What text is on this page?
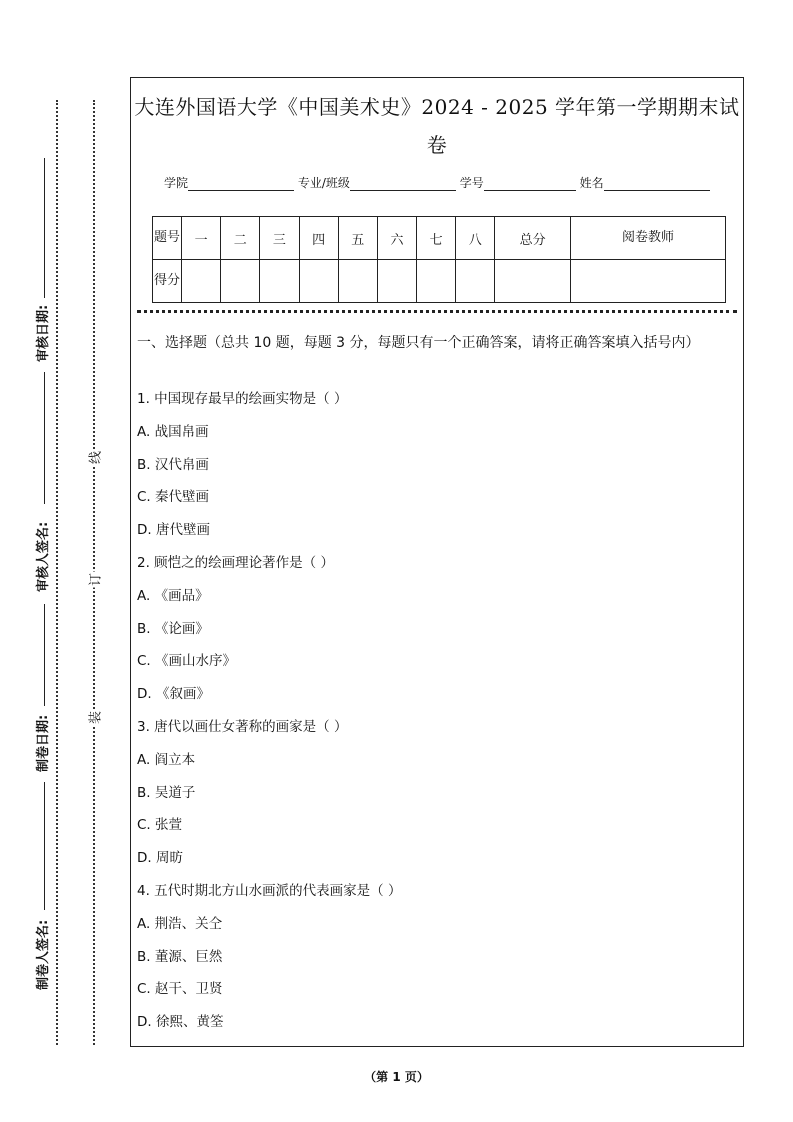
审核日期:
审核人签名:
制卷日期:
制卷人签名:
线
订
装
大连外国语大学《中国美术史》2024 - 2025 学年第一学期期末试
卷
学院	专业/班级	学号	姓名
题号	一	二	三	四	五	六	七	八	总分	阅卷教师
得分										
一、选择题（总共 10 题，每题 3 分，每题只有一个正确答案，请将正确答案填入括号内）
1. 中国现存最早的绘画实物是（ ）
A. 战国帛画
B. 汉代帛画
C. 秦代壁画
D. 唐代壁画
2. 顾恺之的绘画理论著作是（ ）
A. 《画品》
B. 《论画》
C. 《画山水序》
D. 《叙画》
3. 唐代以画仕女著称的画家是（ ）
A. 阎立本
B. 吴道子
C. 张萱
D. 周昉
4. 五代时期北方山水画派的代表画家是（ ）
A. 荆浩、关仝
B. 董源、巨然
C. 赵干、卫贤
D. 徐熙、黄筌
（第 1 页）
